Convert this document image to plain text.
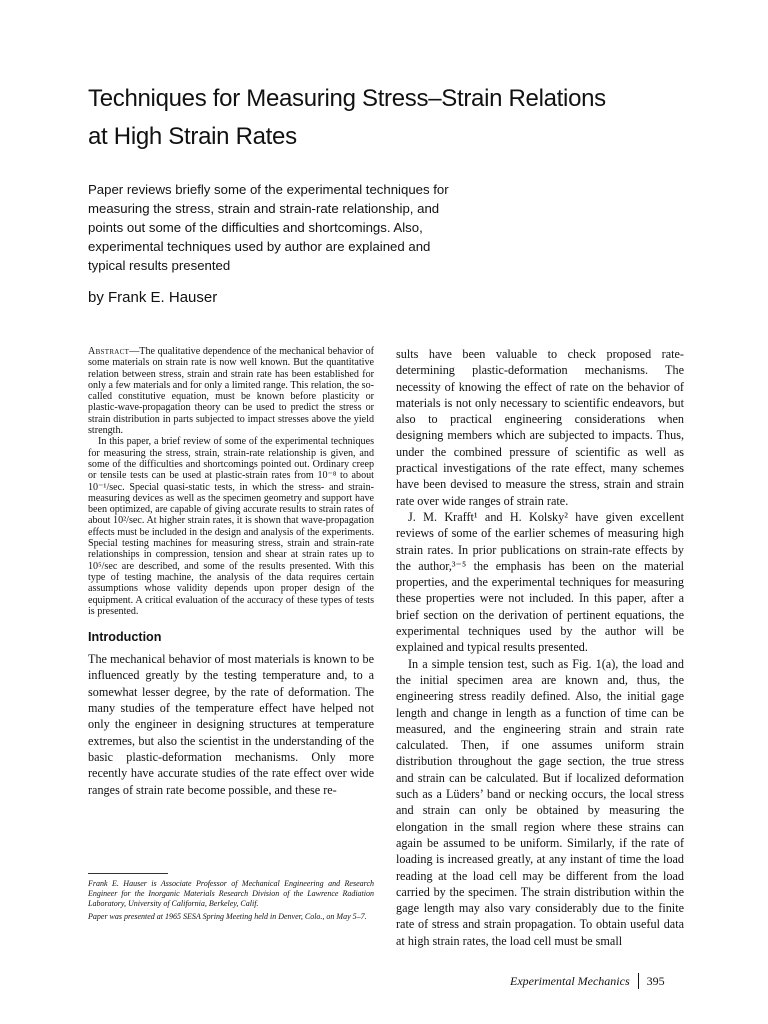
Techniques for Measuring Stress–Strain Relations
at High Strain Rates

Paper reviews briefly some of the experimental techniques for measuring the stress, strain and strain-rate relationship, and points out some of the difficulties and shortcomings. Also, experimental techniques used by author are explained and typical results presented

by Frank E. Hauser

Abstract—The qualitative dependence of the mechanical behavior of some materials on strain rate is now well known. But the quantitative relation between stress, strain and strain rate has been established for only a few materials and for only a limited range. This relation, the so-called constitutive equation, must be known before plasticity or plastic-wave-propagation theory can be used to predict the stress or strain distribution in parts subjected to impact stresses above the yield strength.

In this paper, a brief review of some of the experimental techniques for measuring the stress, strain, strain-rate relationship is given, and some of the difficulties and shortcomings pointed out. Ordinary creep or tensile tests can be used at plastic-strain rates from 10⁻⁸ to about 10⁻¹/sec. Special quasi-static tests, in which the stress- and strain-measuring devices as well as the specimen geometry and support have been optimized, are capable of giving accurate results to strain rates of about 10²/sec. At higher strain rates, it is shown that wave-propagation effects must be included in the design and analysis of the experiments. Special testing machines for measuring stress, strain and strain-rate relationships in compression, tension and shear at strain rates up to 10⁵/sec are described, and some of the results presented. With this type of testing machine, the analysis of the data requires certain assumptions whose validity depends upon proper design of the equipment. A critical evaluation of the accuracy of these types of tests is presented.

Introduction

The mechanical behavior of most materials is known to be influenced greatly by the testing temperature and, to a somewhat lesser degree, by the rate of deformation. The many studies of the temperature effect have helped not only the engineer in designing structures at temperature extremes, but also the scientist in the understanding of the basic plastic-deformation mechanisms. Only more recently have accurate studies of the rate effect over wide ranges of strain rate become possible, and these re-

sults have been valuable to check proposed rate-determining plastic-deformation mechanisms. The necessity of knowing the effect of rate on the behavior of materials is not only necessary to scientific endeavors, but also to practical engineering considerations when designing members which are subjected to impacts. Thus, under the combined pressure of scientific as well as practical investigations of the rate effect, many schemes have been devised to measure the stress, strain and strain rate over wide ranges of strain rate.

J. M. Krafft¹ and H. Kolsky² have given excellent reviews of some of the earlier schemes of measuring high strain rates. In prior publications on strain-rate effects by the author,³⁻⁵ the emphasis has been on the material properties, and the experimental techniques for measuring these properties were not included. In this paper, after a brief section on the derivation of pertinent equations, the experimental techniques used by the author will be explained and typical results presented.

In a simple tension test, such as Fig. 1(a), the load and the initial specimen area are known and, thus, the engineering stress readily defined. Also, the initial gage length and change in length as a function of time can be measured, and the engineering strain and strain rate calculated. Then, if one assumes uniform strain distribution throughout the gage section, the true stress and strain can be calculated. But if localized deformation such as a Lüders’ band or necking occurs, the local stress and strain can only be obtained by measuring the elongation in the small region where these strains can again be assumed to be uniform. Similarly, if the rate of loading is increased greatly, at any instant of time the load reading at the load cell may be different from the load carried by the specimen. The strain distribution within the gage length may also vary considerably due to the finite rate of stress and strain propagation. To obtain useful data at high strain rates, the load cell must be small

Frank E. Hauser is Associate Professor of Mechanical Engineering and Research Engineer for the Inorganic Materials Research Division of the Lawrence Radiation Laboratory, University of California, Berkeley, Calif.

Paper was presented at 1965 SESA Spring Meeting held in Denver, Colo., on May 5–7.

Experimental Mechanics 395
